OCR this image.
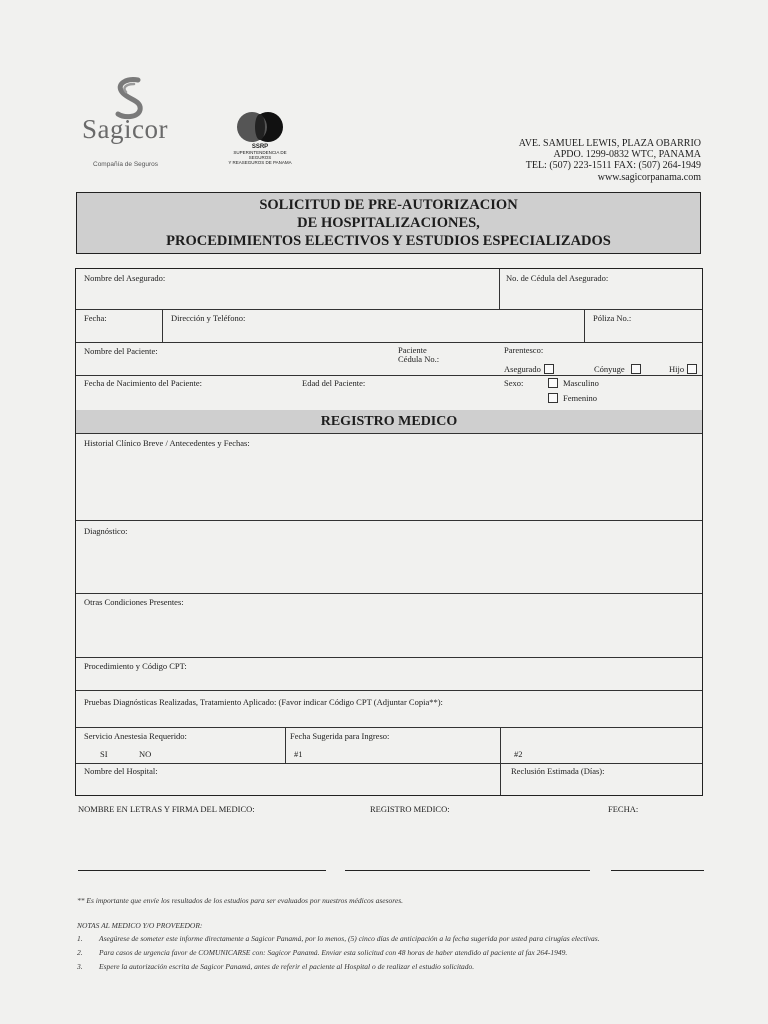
Sagicor
Compañía de Seguros
SSRP
SUPERINTENDENCIA DE SEGUROS
Y REASEGUROS DE PANAMA
AVE. SAMUEL LEWIS, PLAZA OBARRIO
APDO. 1299-0832 WTC, PANAMA
TEL: (507) 223-1511 FAX: (507) 264-1949
www.sagicorpanama.com
SOLICITUD DE PRE-AUTORIZACION
DE HOSPITALIZACIONES,
PROCEDIMIENTOS ELECTIVOS Y ESTUDIOS ESPECIALIZADOS
Nombre del Asegurado:	No. de Cédula del Asegurado:
Fecha:	Dirección y Teléfono:	Póliza No.:
Nombre del Paciente:	Paciente
Cédula No.:
Parentesco:
Asegurado	Cónyuge	Hijo
Fecha de Nacimiento del Paciente:	Edad del Paciente:	Sexo:	Masculino
Femenino
REGISTRO MEDICO
Historial Clínico Breve / Antecedentes y Fechas:
Diagnóstico:
Otras Condiciones Presentes:
Procedimiento y Código CPT:
Pruebas Diagnósticas Realizadas, Tratamiento Aplicado: (Favor indicar Código CPT (Adjuntar Copia**):
Servicio Anestesia Requerido:
SI	NO
Fecha Sugerida para Ingreso:
#1	#2
Nombre del Hospital:	Reclusión Estimada (Días):
NOMBRE EN LETRAS Y FIRMA DEL MEDICO:	REGISTRO MEDICO:	FECHA:
** Es importante que envíe los resultados de los estudios para ser evaluados por nuestros médicos asesores.
NOTAS AL MEDICO Y/O PROVEEDOR:
1. Asegúrese de someter este informe directamente a Sagicor Panamá, por lo menos, (5) cinco días de anticipación a la fecha sugerida por usted para cirugías electivas.
2. Para casos de urgencia favor de COMUNICARSE con: Sagicor Panamá. Enviar esta solicitud con 48 horas de haber atendido al paciente al fax 264-1949.
3. Espere la autorización escrita de Sagicor Panamá, antes de referir el paciente al Hospital o de realizar el estudio solicitado.
